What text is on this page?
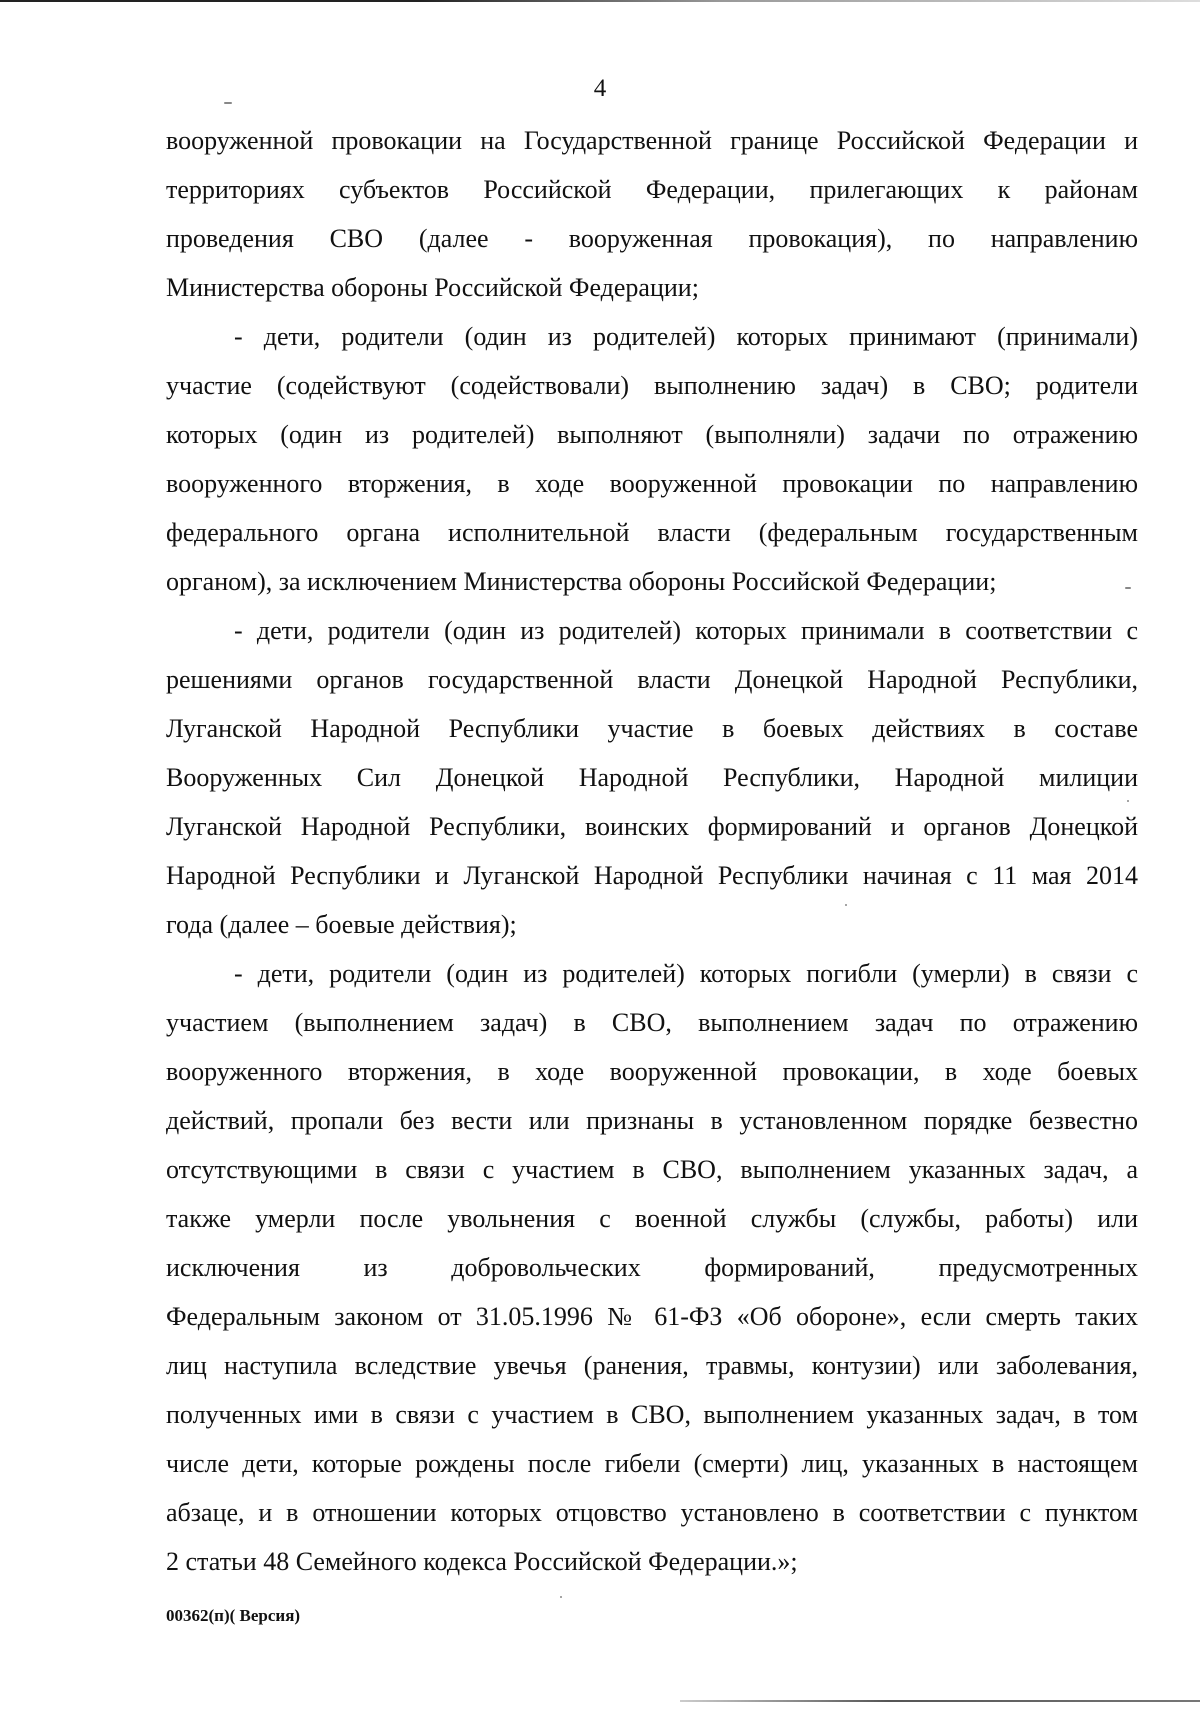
4
вооруженной провокации на Государственной границе Российской Федерации и
территориях субъектов Российской Федерации, прилегающих к районам
проведения СВО (далее - вооруженная провокация), по направлению
Министерства обороны Российской Федерации;
- дети, родители (один из родителей) которых принимают (принимали)
участие (содействуют (содействовали) выполнению задач) в СВО; родители
которых (один из родителей) выполняют (выполняли) задачи по отражению
вооруженного вторжения, в ходе вооруженной провокации по направлению
федерального органа исполнительной власти (федеральным государственным
органом), за исключением Министерства обороны Российской Федерации;
- дети, родители (один из родителей) которых принимали в соответствии с
решениями органов государственной власти Донецкой Народной Республики,
Луганской Народной Республики участие в боевых действиях в составе
Вооруженных Сил Донецкой Народной Республики, Народной милиции
Луганской Народной Республики, воинских формирований и органов Донецкой
Народной Республики и Луганской Народной Республики начиная с 11 мая 2014
года (далее – боевые действия);
- дети, родители (один из родителей) которых погибли (умерли) в связи с
участием (выполнением задач) в СВО, выполнением задач по отражению
вооруженного вторжения, в ходе вооруженной провокации, в ходе боевых
действий, пропали без вести или признаны в установленном порядке безвестно
отсутствующими в связи с участием в СВО, выполнением указанных задач, а
также умерли после увольнения с военной службы (службы, работы) или
исключения из добровольческих формирований, предусмотренных
Федеральным законом от 31.05.1996 № 61-ФЗ «Об обороне», если смерть таких
лиц наступила вследствие увечья (ранения, травмы, контузии) или заболевания,
полученных ими в связи с участием в СВО, выполнением указанных задач, в том
числе дети, которые рождены после гибели (смерти) лиц, указанных в настоящем
абзаце, и в отношении которых отцовство установлено в соответствии с пунктом
2 статьи 48 Семейного кодекса Российской Федерации.»;
00362(п)( Версия)
